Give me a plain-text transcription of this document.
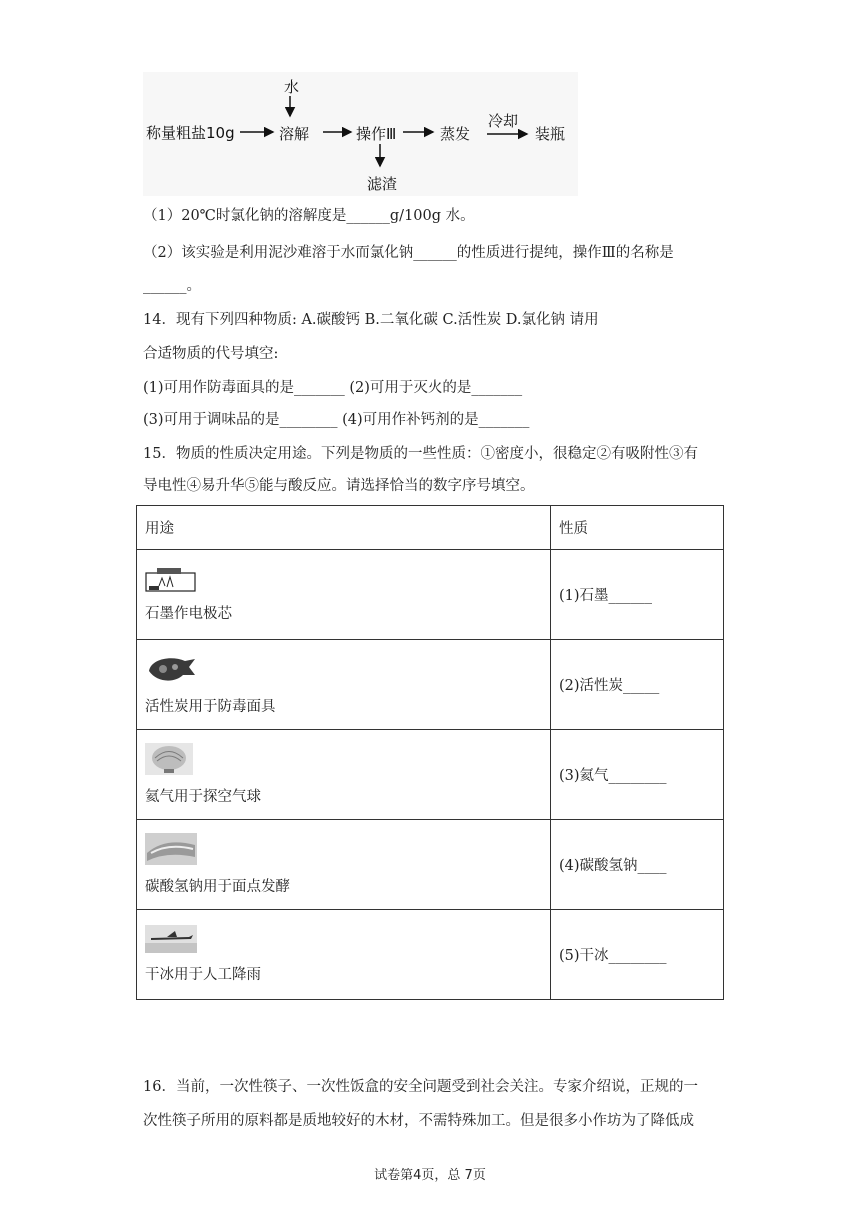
水
称量粗盐10g	溶解	操作Ⅲ	蒸发
冷却
装瓶
滤渣
（1）20℃时氯化钠的溶解度是______g/100g 水。
（2）该实验是利用泥沙难溶于水而氯化钠______的性质进行提纯，操作Ⅲ的名称是
______。
14．现有下列四种物质: A.碳酸钙 B.二氧化碳 C.活性炭 D.氯化钠 请用
合适物质的代号填空:
(1)可用作防毒面具的是_______ (2)可用于灭火的是_______
(3)可用于调味品的是________ (4)可用作补钙剂的是_______
15．物质的性质决定用途。下列是物质的一些性质：①密度小，很稳定②有吸附性③有
导电性④易升华⑤能与酸反应。请选择恰当的数字序号填空。
用途	性质

石墨作电极芯	(1)石墨______

活性炭用于防毒面具	(2)活性炭_____

氦气用于探空气球	(3)氦气________

碳酸氢钠用于面点发酵	(4)碳酸氢钠____

干冰用于人工降雨	(5)干冰________
16．当前，一次性筷子、一次性饭盒的安全问题受到社会关注。专家介绍说，正规的一
次性筷子所用的原料都是质地较好的木材，不需特殊加工。但是很多小作坊为了降低成
试卷第4页，总 7页
